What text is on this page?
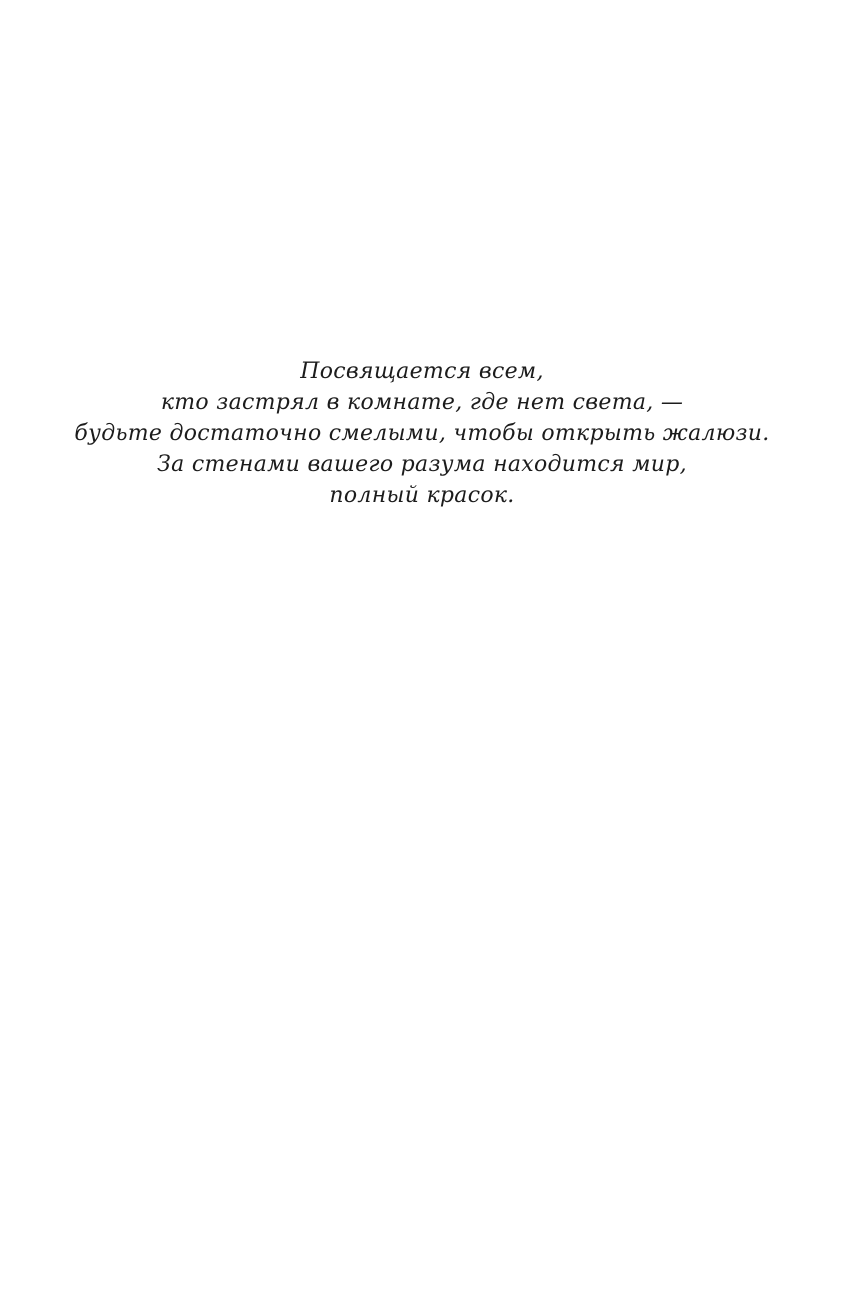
Посвящается всем,

кто застрял в комнате, где нет света, —

будьте достаточно смелыми, чтобы открыть жалюзи.

За стенами вашего разума находится мир,

полный красок.
